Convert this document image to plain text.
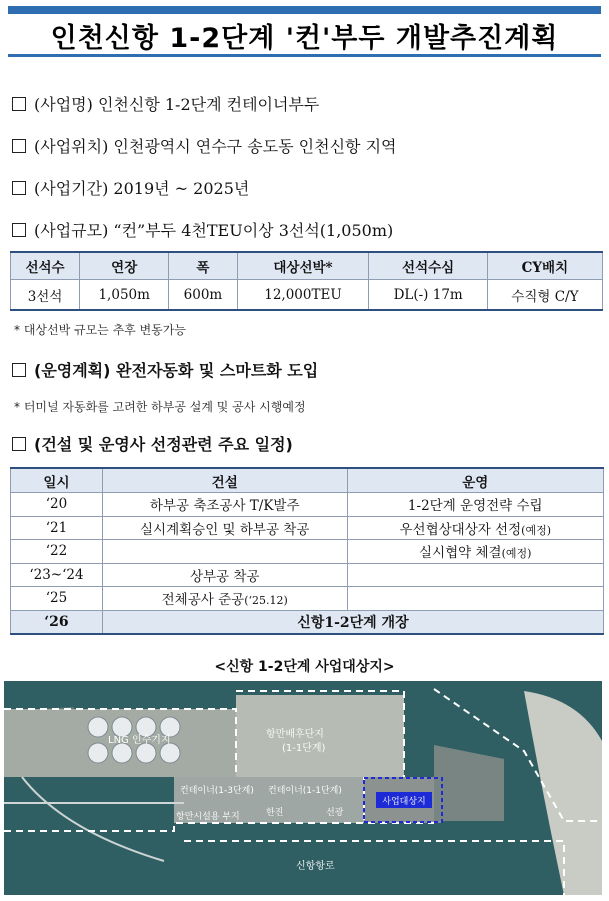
인천신항 1-2단계 '컨'부두 개발추진계획
(사업명) 인천신항 1-2단계 컨테이너부두
(사업위치) 인천광역시 연수구 송도동 인천신항 지역
(사업기간) 2019년 ~ 2025년
(사업규모) “컨”부두 4천TEU이상 3선석(1,050m)
선석수	연장	폭	대상선박*	선석수심	CY배치
3선석	1,050m	600m	12,000TEU	DL(-) 17m	수직형 C/Y
* 대상선박 규모는 추후 변동가능
(운영계획) 완전자동화 및 스마트화 도입
* 터미널 자동화를 고려한 하부공 설계 및 공사 시행예정
(건설 및 운영사 선정관련 주요 일정)
일시	건설	운영
‘20	하부공 축조공사 T/K발주	1-2단계 운영전략 수립
‘21	실시계획승인 및 하부공 착공	우선협상대상자 선정(예정)
‘22		실시협약 체결(예정)
‘23~‘24	상부공 착공	
‘25	전체공사 준공(‘25.12)	
‘26	신항1-2단계 개장	
<신항 1-2단계 사업대상지>
LNG 인수기지
항만배후단지
(1-1단계)
컨테이너(1-3단계) 컨테이너(1-1단계)
한진	선광
사업대상지
항만시설용 부지
신항항로
